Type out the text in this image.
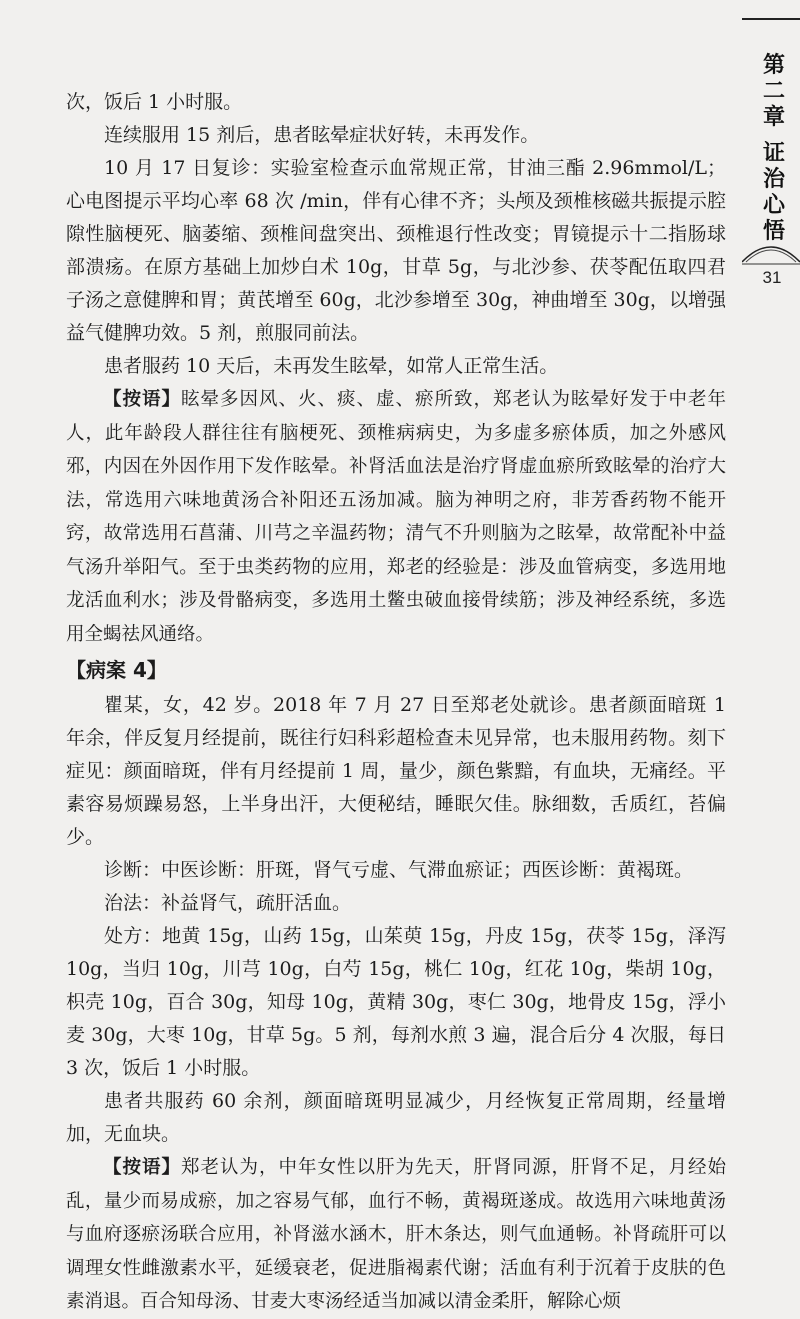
第
二
章
证
治
心
悟
31

次，饭后 1 小时服。

连续服用 15 剂后，患者眩晕症状好转，未再发作。

10 月 17 日复诊：实验室检查示血常规正常，甘油三酯 2.96mmol/L；心电图提示平均心率 68 次 /min，伴有心律不齐；头颅及颈椎核磁共振提示腔隙性脑梗死、脑萎缩、颈椎间盘突出、颈椎退行性改变；胃镜提示十二指肠球部溃疡。在原方基础上加炒白术 10g，甘草 5g，与北沙参、茯苓配伍取四君子汤之意健脾和胃；黄芪增至 60g，北沙参增至 30g，神曲增至 30g，以增强益气健脾功效。5 剂，煎服同前法。

患者服药 10 天后，未再发生眩晕，如常人正常生活。

【按语】眩晕多因风、火、痰、虚、瘀所致，郑老认为眩晕好发于中老年人，此年龄段人群往往有脑梗死、颈椎病病史，为多虚多瘀体质，加之外感风邪，内因在外因作用下发作眩晕。补肾活血法是治疗肾虚血瘀所致眩晕的治疗大法，常选用六味地黄汤合补阳还五汤加减。脑为神明之府，非芳香药物不能开窍，故常选用石菖蒲、川芎之辛温药物；清气不升则脑为之眩晕，故常配补中益气汤升举阳气。至于虫类药物的应用，郑老的经验是：涉及血管病变，多选用地龙活血利水；涉及骨骼病变，多选用土鳖虫破血接骨续筋；涉及神经系统，多选用全蝎祛风通络。

【病案 4】

瞿某，女，42 岁。2018 年 7 月 27 日至郑老处就诊。患者颜面暗斑 1 年余，伴反复月经提前，既往行妇科彩超检查未见异常，也未服用药物。刻下症见：颜面暗斑，伴有月经提前 1 周，量少，颜色紫黯，有血块，无痛经。平素容易烦躁易怒，上半身出汗，大便秘结，睡眠欠佳。脉细数，舌质红，苔偏少。

诊断：中医诊断：肝斑，肾气亏虚、气滞血瘀证；西医诊断：黄褐斑。

治法：补益肾气，疏肝活血。

处方：地黄 15g，山药 15g，山茱萸 15g，丹皮 15g，茯苓 15g，泽泻 10g，当归 10g，川芎 10g，白芍 15g，桃仁 10g，红花 10g，柴胡 10g，枳壳 10g，百合 30g，知母 10g，黄精 30g，枣仁 30g，地骨皮 15g，浮小麦 30g，大枣 10g，甘草 5g。5 剂，每剂水煎 3 遍，混合后分 4 次服，每日 3 次，饭后 1 小时服。

患者共服药 60 余剂，颜面暗斑明显减少，月经恢复正常周期，经量增加，无血块。

【按语】郑老认为，中年女性以肝为先天，肝肾同源，肝肾不足，月经始乱，量少而易成瘀，加之容易气郁，血行不畅，黄褐斑遂成。故选用六味地黄汤与血府逐瘀汤联合应用，补肾滋水涵木，肝木条达，则气血通畅。补肾疏肝可以调理女性雌激素水平，延缓衰老，促进脂褐素代谢；活血有利于沉着于皮肤的色素消退。百合知母汤、甘麦大枣汤经适当加减以清金柔肝，解除心烦
